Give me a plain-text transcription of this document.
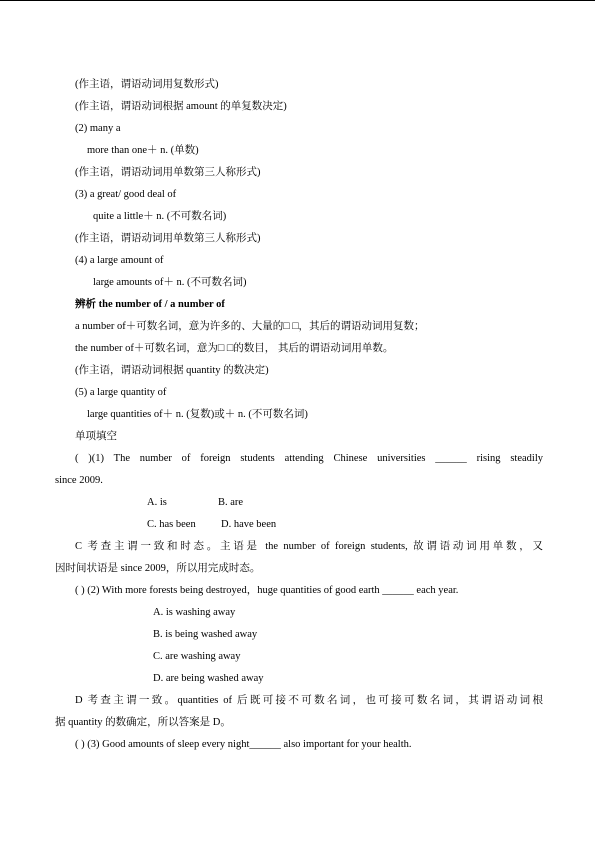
(作主语，谓语动词用复数形式)
(作主语，谓语动词根据 amount 的单复数决定)
(2) many a
more than one＋ n. (单数)
(作主语，谓语动词用单数第三人称形式)
(3) a great/ good deal of
quite a little＋ n. (不可数名词)
(作主语，谓语动词用单数第三人称形式)
(4) a large amount of
large amounts of＋ n. (不可数名词)
辨析 the number of / a number of
a number of＋可数名词，意为许多的、大量的□ □，其后的谓语动词用复数；
the number of＋可数名词，意为□ □的数目， 其后的谓语动词用单数。
(作主语，谓语动词根据 quantity 的数决定)
(5) a large quantity of
large quantities of＋ n. (复数)或＋ n. (不可数名词)
单项填空
( )(1) The number of foreign students attending Chinese universities ______ rising steadily
since 2009.
A. is	B. are
C. has been D. have been
C 考查主谓一致和时态。主语是 the number of foreign students, 故谓语动词用单数，又
因时间状语是 since 2009，所以用完成时态。
( ) (2) With more forests being destroyed，huge quantities of good earth ______ each year.
A. is washing away
B. is being washed away
C. are washing away
D. are being washed away
D 考查主谓一致。quantities of 后既可接不可数名词，也可接可数名词，其谓语动词根
据 quantity 的数确定，所以答案是 D。
( ) (3) Good amounts of sleep every night______ also important for your health.
